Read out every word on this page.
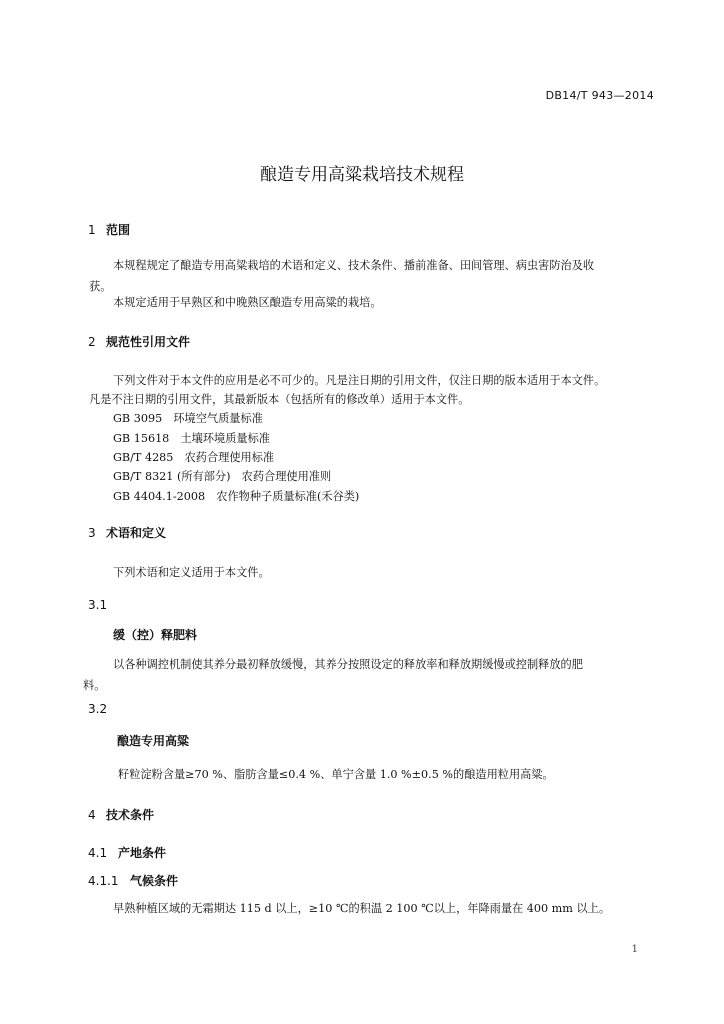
DB14/T 943—2014
酿造专用高粱栽培技术规程
1 范围
本规程规定了酿造专用高粱栽培的术语和定义、技术条件、播前准备、田间管理、病虫害防治及收
获。
本规定适用于早熟区和中晚熟区酿造专用高粱的栽培。
2 规范性引用文件
下列文件对于本文件的应用是必不可少的。凡是注日期的引用文件，仅注日期的版本适用于本文件。
凡是不注日期的引用文件，其最新版本（包括所有的修改单）适用于本文件。
GB 3095　环境空气质量标准
GB 15618　土壤环境质量标准
GB/T 4285　农药合理使用标准
GB/T 8321 (所有部分)　农药合理使用准则
GB 4404.1-2008　农作物种子质量标准(禾谷类)
3 术语和定义
下列术语和定义适用于本文件。
3.1
缓（控）释肥料
以各种调控机制使其养分最初释放缓慢，其养分按照设定的释放率和释放期缓慢或控制释放的肥
料。
3.2
酿造专用高粱
籽粒淀粉含量≥70 %、脂肪含量≤0.4 %、单宁含量 1.0 %±0.5 %的酿造用粒用高粱。
4 技术条件
4.1 产地条件
4.1.1 气候条件
早熟种植区域的无霜期达 115 d 以上，≥10 ℃的积温 2 100 ℃以上，年降雨量在 400 mm 以上。
1
